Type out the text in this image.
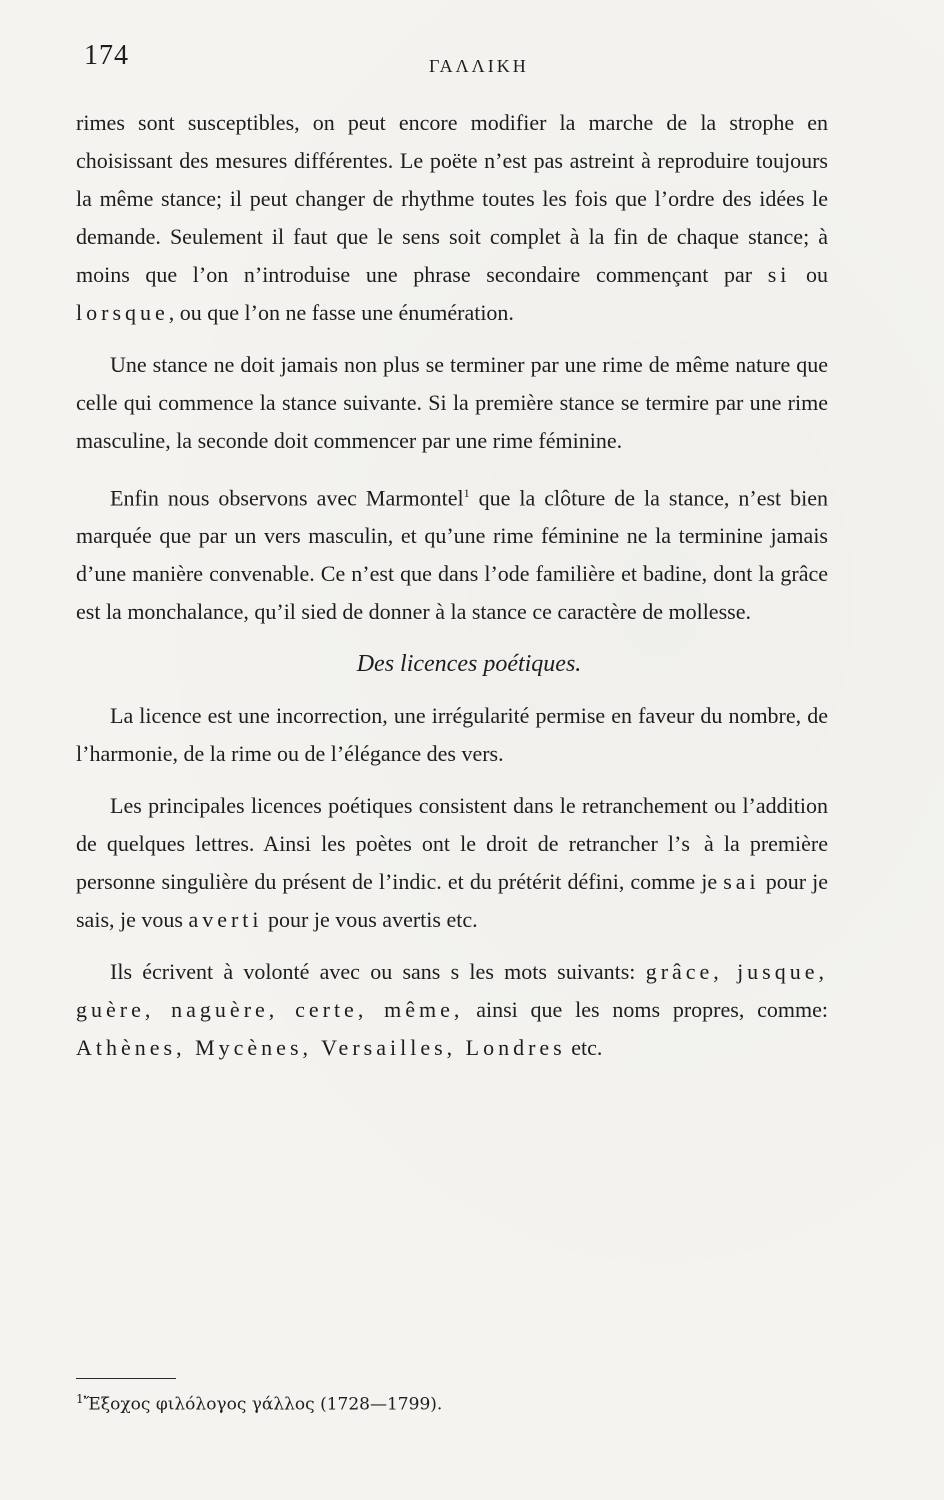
174	ΓΑΛΛΙΚΗ

rimes sont susceptibles, on peut encore modifier la marche de la strophe en choisissant des mesures différentes. Le poëte n’est pas astreint à reproduire toujours la même stance; il peut changer de rhythme toutes les fois que l’ordre des idées le demande. Seulement il faut que le sens soit complet à la fin de chaque stance; à moins que l’on n’introduise une phrase secondaire commençant par si ou lorsque, ou que l’on ne fasse une énumération.

Une stance ne doit jamais non plus se terminer par une rime de même nature que celle qui commence la stance suivante. Si la première stance se termire par une rime masculine, la seconde doit commencer par une rime féminine.

Enfin nous observons avec Marmontel$^1$ que la clôture de la stance, n’est bien marquée que par un vers masculin, et qu’une rime féminine ne la terminine jamais d’une manière convenable. Ce n’est que dans l’ode familière et badine, dont la grâce est la monchalance, qu’il sied de donner à la stance ce caractère de mollesse.

Des licences poétiques.

La licence est une incorrection, une irrégularité permise en faveur du nombre, de l’harmonie, de la rime ou de l’élégance des vers.

Les principales licences poétiques consistent dans le retranchement ou l’addition de quelques lettres. Ainsi les poètes ont le droit de retrancher l’s à la première personne singulière du présent de l’indic. et du prétérit défini, comme je sai pour je sais, je vous averti pour je vous avertis etc.

Ils écrivent à volonté avec ou sans s les mots suivants: grâce, jusque, guère, naguère, certe, même, ainsi que les noms propres, comme: Athènes, Mycènes, Versailles, Londres etc.

$^1$Ἔξοχος φιλόλογος γάλλος (1728—1799).
